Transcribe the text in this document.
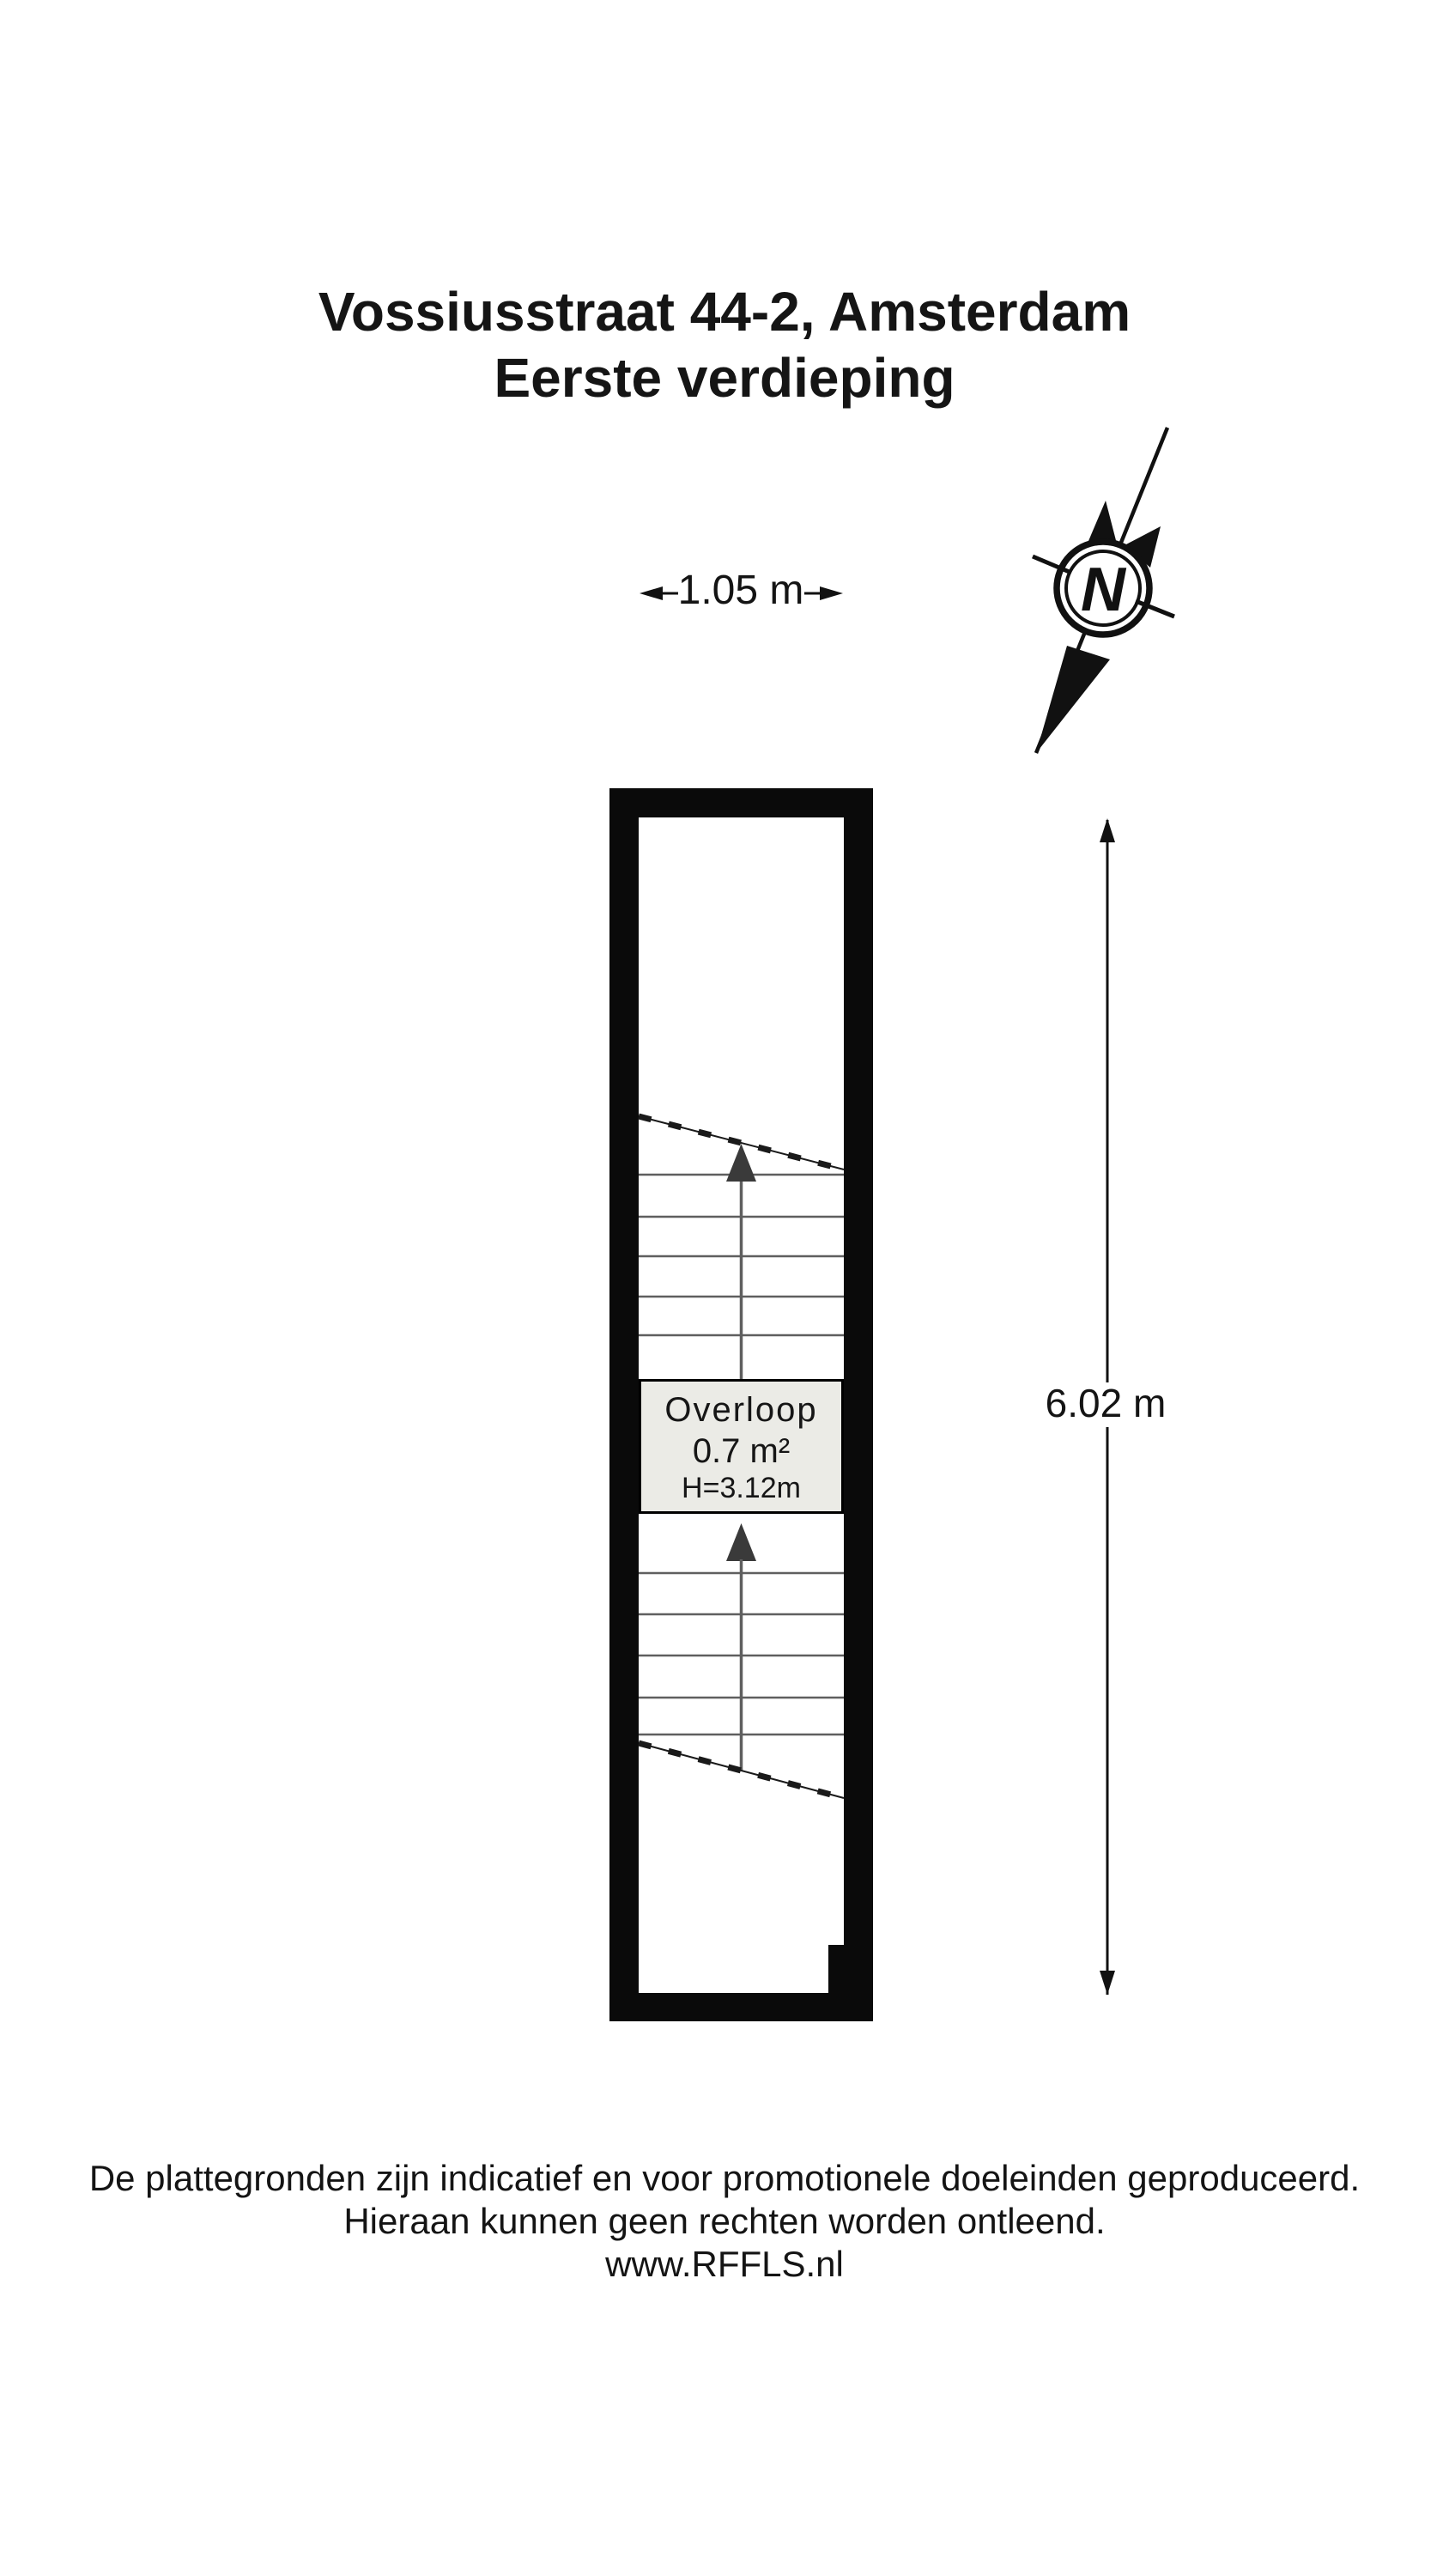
Vossiusstraat 44-2, Amsterdam
Eerste verdieping
N
1.05 m
Overloop
0.7 m²
H=3.12m
6.02 m
De plattegronden zijn indicatief en voor promotionele doeleinden geproduceerd.
Hieraan kunnen geen rechten worden ontleend.
www.RFFLS.nl
